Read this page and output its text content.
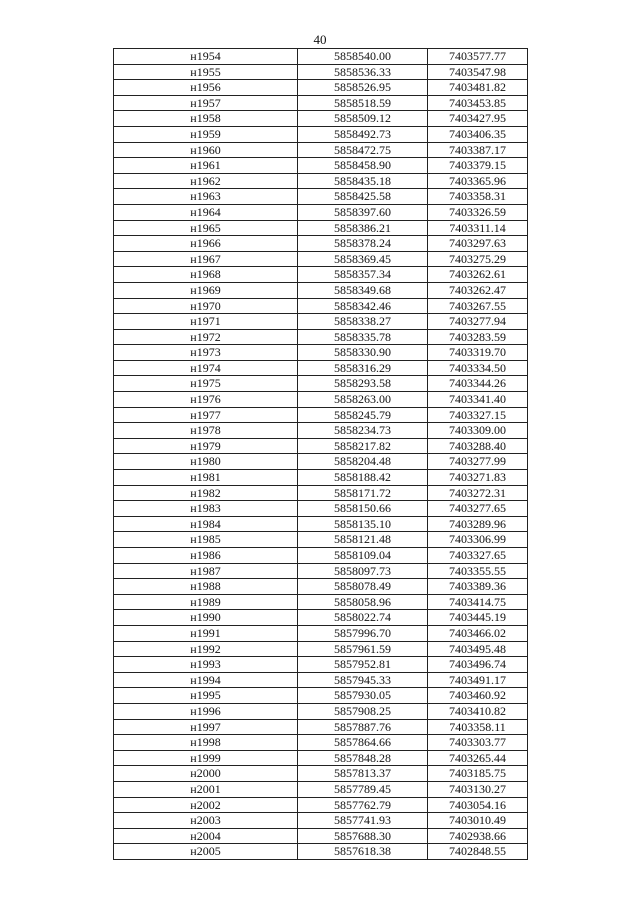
40
н1954	5858540.00	7403577.77
н1955	5858536.33	7403547.98
н1956	5858526.95	7403481.82
н1957	5858518.59	7403453.85
н1958	5858509.12	7403427.95
н1959	5858492.73	7403406.35
н1960	5858472.75	7403387.17
н1961	5858458.90	7403379.15
н1962	5858435.18	7403365.96
н1963	5858425.58	7403358.31
н1964	5858397.60	7403326.59
н1965	5858386.21	7403311.14
н1966	5858378.24	7403297.63
н1967	5858369.45	7403275.29
н1968	5858357.34	7403262.61
н1969	5858349.68	7403262.47
н1970	5858342.46	7403267.55
н1971	5858338.27	7403277.94
н1972	5858335.78	7403283.59
н1973	5858330.90	7403319.70
н1974	5858316.29	7403334.50
н1975	5858293.58	7403344.26
н1976	5858263.00	7403341.40
н1977	5858245.79	7403327.15
н1978	5858234.73	7403309.00
н1979	5858217.82	7403288.40
н1980	5858204.48	7403277.99
н1981	5858188.42	7403271.83
н1982	5858171.72	7403272.31
н1983	5858150.66	7403277.65
н1984	5858135.10	7403289.96
н1985	5858121.48	7403306.99
н1986	5858109.04	7403327.65
н1987	5858097.73	7403355.55
н1988	5858078.49	7403389.36
н1989	5858058.96	7403414.75
н1990	5858022.74	7403445.19
н1991	5857996.70	7403466.02
н1992	5857961.59	7403495.48
н1993	5857952.81	7403496.74
н1994	5857945.33	7403491.17
н1995	5857930.05	7403460.92
н1996	5857908.25	7403410.82
н1997	5857887.76	7403358.11
н1998	5857864.66	7403303.77
н1999	5857848.28	7403265.44
н2000	5857813.37	7403185.75
н2001	5857789.45	7403130.27
н2002	5857762.79	7403054.16
н2003	5857741.93	7403010.49
н2004	5857688.30	7402938.66
н2005	5857618.38	7402848.55
